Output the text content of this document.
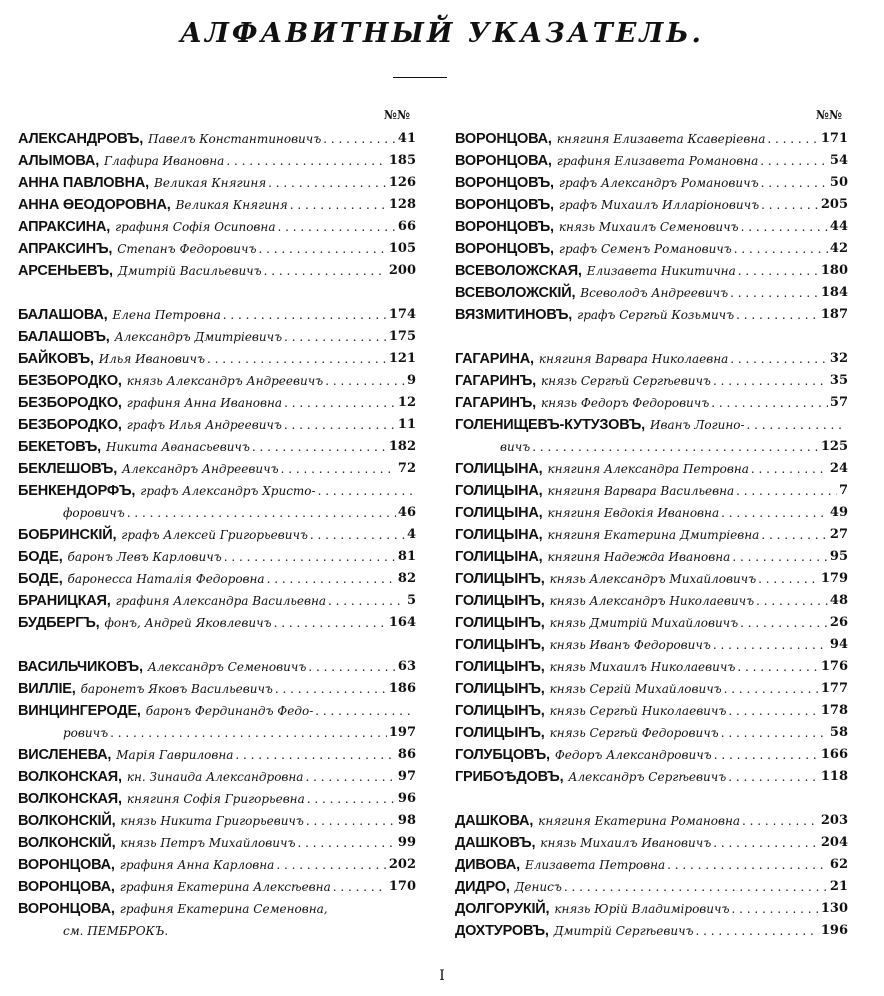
АЛФАВИТНЫЙ УКАЗАТЕЛЬ.
№№
АЛЕКСАНДРОВЪ, Павелъ Константиновичъ . .	41
АЛЫМОВА, Глафира Ивановна . .	185
АННА ПАВЛОВНА, Великая Княгиня . .	126
АННА ӨЕОДОРОВНА, Великая Княгиня . .	128
АПРАКСИНА, графиня Софія Осиповна . .	66
АПРАКСИНЪ, Степанъ Федоровичъ . .	105
АРСЕНЬЕВЪ, Дмитрій Васильевичъ . .	200
БАЛАШОВА, Елена Петровна . .	174
БАЛАШОВЪ, Александръ Дмитріевичъ . .	175
БАЙКОВЪ, Илья Ивановичъ . .	121
БЕЗБОРОДКО, князь Александръ Андреевичъ . .	9
БЕЗБОРОДКО, графиня Анна Ивановна . .	12
БЕЗБОРОДКО, графъ Илья Андреевичъ . .	11
БЕКЕТОВЪ, Никита Аѳанасьевичъ . .	182
БЕКЛЕШОВЪ, Александръ Андреевичъ . .	72
БЕНКЕНДОРФЪ, графъ Александръ Христо-
. .
форовичъ . .	46
БОБРИНСКІЙ, графъ Алексей Григорьевичъ . .	4
БОДЕ, баронъ Левъ Карловичъ . .	81
БОДЕ, баронесса Наталія Федоровна . .	82
БРАНИЦКАЯ, графиня Александра Васильевна . .	5
БУДБЕРГЪ, фонъ, Андрей Яковлевичъ . .	164
ВАСИЛЬЧИКОВЪ, Александръ Семеновичъ . .	63
ВИЛЛІЕ, баронетъ Яковъ Васильевичъ . .	186
ВИНЦИНГЕРОДЕ, баронъ Фердинандъ Федо-
. .
ровичъ . .	197
ВИСЛЕНЕВА, Марія Гавриловна . .	86
ВОЛКОНСКАЯ, кн. Зинаида Александровна . .	97
ВОЛКОНСКАЯ, княгиня Софія Григорьевна . .	96
ВОЛКОНСКІЙ, князь Никита Григорьевичъ . .	98
ВОЛКОНСКІЙ, князь Петръ Михайловичъ . .	99
ВОРОНЦОВА, графиня Анна Карловна . .	202
ВОРОНЦОВА, графиня Екатерина Алексѣевна . .	170
ВОРОНЦОВА, графиня Екатерина Семеновна,
см. ПЕМБРОКЪ.
№№
ВОРОНЦОВА, княгиня Елизавета Ксаверіевна . .	171
ВОРОНЦОВА, графиня Елизавета Романовна . .	54
ВОРОНЦОВЪ, графъ Александръ Романовичъ . .	50
ВОРОНЦОВЪ, графъ Михаилъ Илларіоновичъ . .	205
ВОРОНЦОВЪ, князь Михаилъ Семеновичъ . .	44
ВОРОНЦОВЪ, графъ Семенъ Романовичъ . .	42
ВСЕВОЛОЖСКАЯ, Елизавета Никитична . .	180
ВСЕВОЛОЖСКІЙ, Всеволодъ Андреевичъ . .	184
ВЯЗМИТИНОВЪ, графъ Сергѣй Козьмичъ . .	187
ГАГАРИНА, княгиня Варвара Николаевна . .	32
ГАГАРИНЪ, князь Сергѣй Сергѣевичъ . .	35
ГАГАРИНЪ, князь Федоръ Федоровичъ . .	57
ГОЛЕНИЩЕВЪ-КУТУЗОВЪ, Иванъ Логино-
. .
вичъ . .	125
ГОЛИЦЫНА, княгиня Александра Петровна . .	24
ГОЛИЦЫНА, княгиня Варвара Васильевна . .	7
ГОЛИЦЫНА, княгиня Евдокія Ивановна . .	49
ГОЛИЦЫНА, княгиня Екатерина Дмитріевна . .	27
ГОЛИЦЫНА, княгиня Надежда Ивановна . .	95
ГОЛИЦЫНЪ, князь Александръ Михайловичъ . .	179
ГОЛИЦЫНЪ, князь Александръ Николаевичъ . .	48
ГОЛИЦЫНЪ, князь Дмитрій Михайловичъ . .	26
ГОЛИЦЫНЪ, князь Иванъ Федоровичъ . .	94
ГОЛИЦЫНЪ, князь Михаилъ Николаевичъ . .	176
ГОЛИЦЫНЪ, князь Сергій Михайловичъ . .	177
ГОЛИЦЫНЪ, князь Сергѣй Николаевичъ . .	178
ГОЛИЦЫНЪ, князь Сергѣй Федоровичъ . .	58
ГОЛУБЦОВЪ, Федоръ Александровичъ . .	166
ГРИБОѢДОВЪ, Александръ Сергѣевичъ . .	118
ДАШКОВА, княгиня Екатерина Романовна . .	203
ДАШКОВЪ, князь Михаилъ Ивановичъ . .	204
ДИВОВА, Елизавета Петровна . .	62
ДИДРО, Денисъ . .	21
ДОЛГОРУКІЙ, князь Юрій Владиміровичъ . .	130
ДОХТУРОВЪ, Дмитрій Сергѣевичъ . .	196
I
